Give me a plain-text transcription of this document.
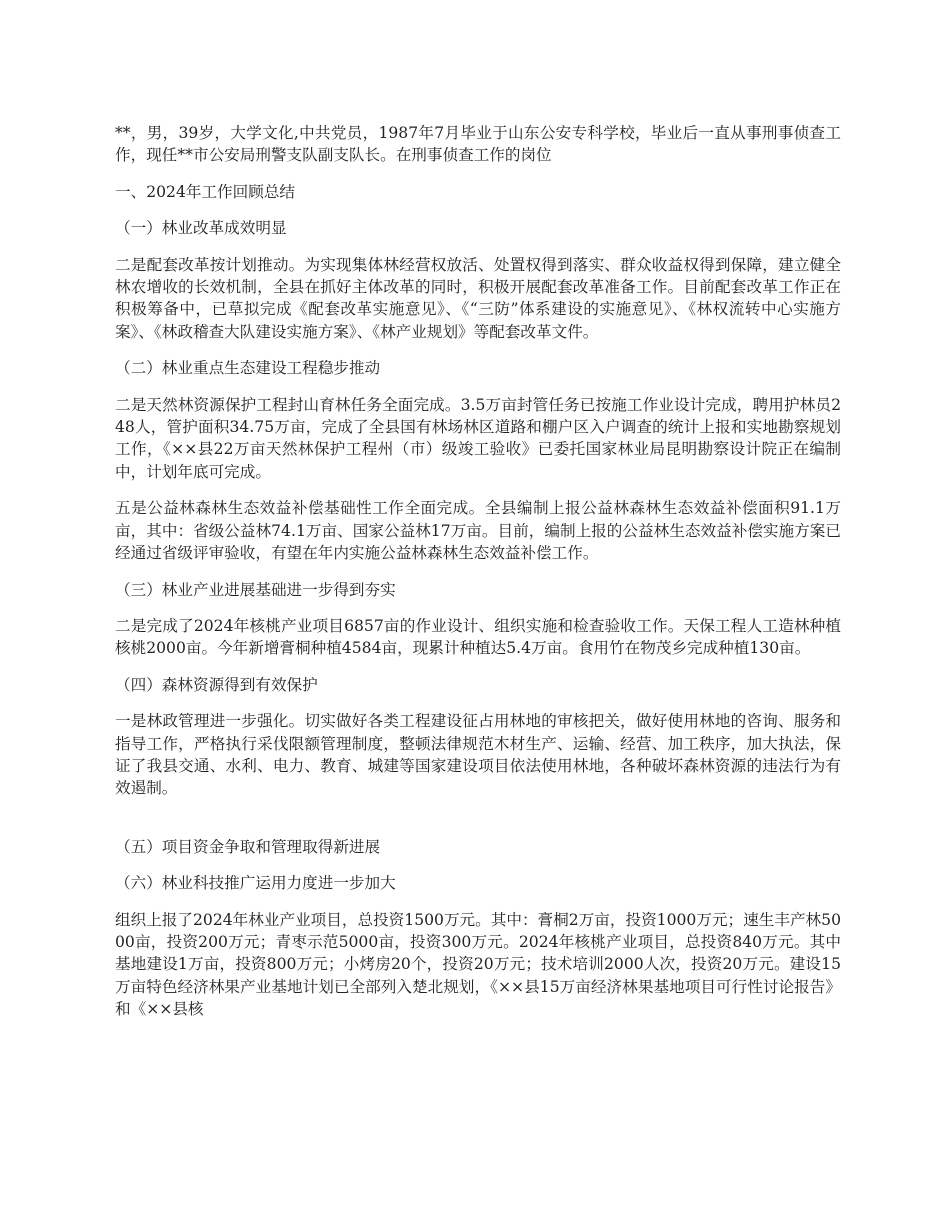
**，男，39岁，大学文化,中共党员，1987年7月毕业于山东公安专科学校，毕业后一直从事刑事侦查工作，现任**市公安局刑警支队副支队长。在刑事侦查工作的岗位

一、2024年工作回顾总结

（一）林业改革成效明显

二是配套改革按计划推动。为实现集体林经营权放活、处置权得到落实、群众收益权得到保障，建立健全林农增收的长效机制，全县在抓好主体改革的同时，积极开展配套改革准备工作。目前配套改革工作正在积极筹备中，已草拟完成《配套改革实施意见》、《“三防”体系建设的实施意见》、《林权流转中心实施方案》、《林政稽查大队建设实施方案》、《林产业规划》等配套改革文件。

（二）林业重点生态建设工程稳步推动

二是天然林资源保护工程封山育林任务全面完成。3.5万亩封管任务已按施工作业设计完成，聘用护林员248人，管护面积34.75万亩，完成了全县国有林场林区道路和棚户区入户调查的统计上报和实地勘察规划工作，《××县22万亩天然林保护工程州（市）级竣工验收》已委托国家林业局昆明勘察设计院正在编制中，计划年底可完成。

五是公益林森林生态效益补偿基础性工作全面完成。全县编制上报公益林森林生态效益补偿面积91.1万亩，其中：省级公益林74.1万亩、国家公益林17万亩。目前，编制上报的公益林生态效益补偿实施方案已经通过省级评审验收，有望在年内实施公益林森林生态效益补偿工作。

（三）林业产业进展基础进一步得到夯实

二是完成了2024年核桃产业项目6857亩的作业设计、组织实施和检查验收工作。天保工程人工造林种植核桃2000亩。今年新增膏桐种植4584亩，现累计种植达5.4万亩。食用竹在物茂乡完成种植130亩。

（四）森林资源得到有效保护

一是林政管理进一步强化。切实做好各类工程建设征占用林地的审核把关，做好使用林地的咨询、服务和指导工作，严格执行采伐限额管理制度，整顿法律规范木材生产、运输、经营、加工秩序，加大执法，保证了我县交通、水利、电力、教育、城建等国家建设项目依法使用林地，各种破坏森林资源的违法行为有效遏制。

（五）项目资金争取和管理取得新进展

（六）林业科技推广运用力度进一步加大

组织上报了2024年林业产业项目，总投资1500万元。其中：膏桐2万亩，投资1000万元；速生丰产林5000亩，投资200万元；青枣示范5000亩，投资300万元。2024年核桃产业项目，总投资840万元。其中基地建设1万亩，投资800万元；小烤房20个，投资20万元；技术培训2000人次，投资20万元。建设15万亩特色经济林果产业基地计划已全部列入楚北规划，《××县15万亩经济林果基地项目可行性讨论报告》和《××县核
